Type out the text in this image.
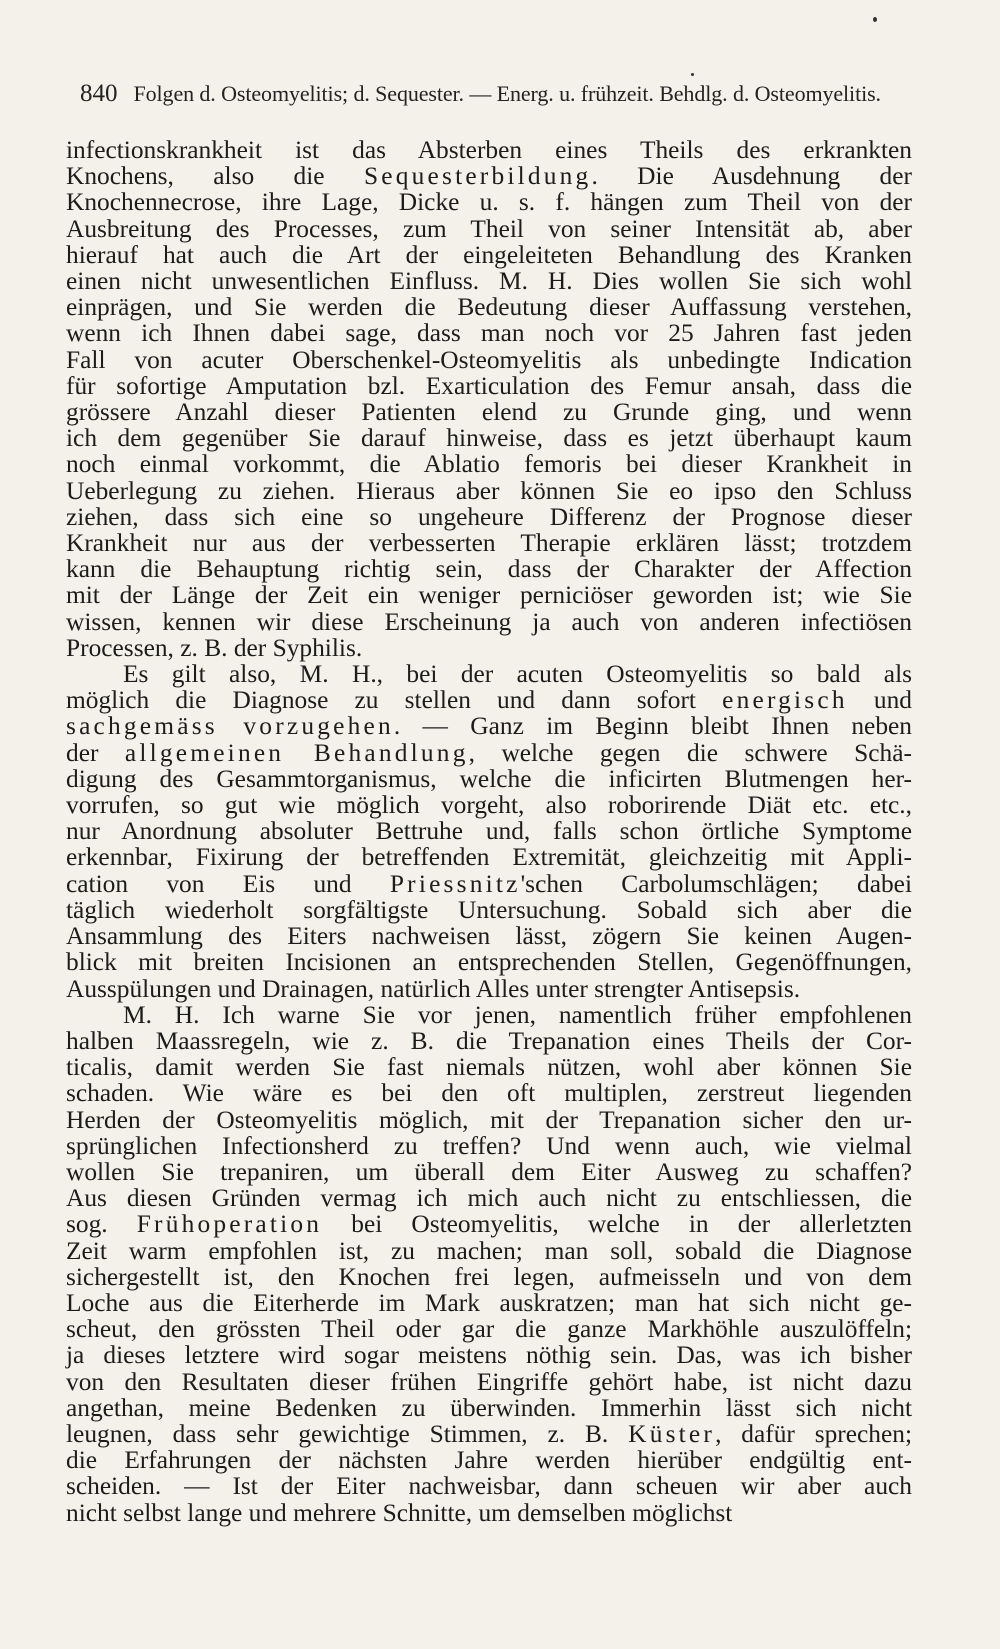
840 Folgen d. Osteomyelitis; d. Sequester. — Energ. u. frühzeit. Behdlg. d. Osteomyelitis.
infectionskrankheit ist das Absterben eines Theils des erkrankten
Knochens, also die Sequesterbildung. Die Ausdehnung der
Knochennecrose, ihre Lage, Dicke u. s. f. hängen zum Theil von der
Ausbreitung des Processes, zum Theil von seiner Intensität ab, aber
hierauf hat auch die Art der eingeleiteten Behandlung des Kranken
einen nicht unwesentlichen Einfluss. M. H. Dies wollen Sie sich wohl
einprägen, und Sie werden die Bedeutung dieser Auffassung verstehen,
wenn ich Ihnen dabei sage, dass man noch vor 25 Jahren fast jeden
Fall von acuter Oberschenkel-Osteomyelitis als unbedingte Indication
für sofortige Amputation bzl. Exarticulation des Femur ansah, dass die
grössere Anzahl dieser Patienten elend zu Grunde ging, und wenn
ich dem gegenüber Sie darauf hinweise, dass es jetzt überhaupt kaum
noch einmal vorkommt, die Ablatio femoris bei dieser Krankheit in
Ueberlegung zu ziehen. Hieraus aber können Sie eo ipso den Schluss
ziehen, dass sich eine so ungeheure Differenz der Prognose dieser
Krankheit nur aus der verbesserten Therapie erklären lässt; trotzdem
kann die Behauptung richtig sein, dass der Charakter der Affection
mit der Länge der Zeit ein weniger perniciöser geworden ist; wie Sie
wissen, kennen wir diese Erscheinung ja auch von anderen infectiösen
Processen, z. B. der Syphilis.
Es gilt also, M. H., bei der acuten Osteomyelitis so bald als
möglich die Diagnose zu stellen und dann sofort energisch und
sachgemäss vorzugehen. — Ganz im Beginn bleibt Ihnen neben
der allgemeinen Behandlung, welche gegen die schwere Schä-
digung des Gesammtorganismus, welche die inficirten Blutmengen her-
vorrufen, so gut wie möglich vorgeht, also roborirende Diät etc. etc.,
nur Anordnung absoluter Bettruhe und, falls schon örtliche Symptome
erkennbar, Fixirung der betreffenden Extremität, gleichzeitig mit Appli-
cation von Eis und Priessnitz'schen Carbolumschlägen; dabei
täglich wiederholt sorgfältigste Untersuchung. Sobald sich aber die
Ansammlung des Eiters nachweisen lässt, zögern Sie keinen Augen-
blick mit breiten Incisionen an entsprechenden Stellen, Gegenöffnungen,
Ausspülungen und Drainagen, natürlich Alles unter strengter Antisepsis.
M. H. Ich warne Sie vor jenen, namentlich früher empfohlenen
halben Maassregeln, wie z. B. die Trepanation eines Theils der Cor-
ticalis, damit werden Sie fast niemals nützen, wohl aber können Sie
schaden. Wie wäre es bei den oft multiplen, zerstreut liegenden
Herden der Osteomyelitis möglich, mit der Trepanation sicher den ur-
sprünglichen Infectionsherd zu treffen? Und wenn auch, wie vielmal
wollen Sie trepaniren, um überall dem Eiter Ausweg zu schaffen?
Aus diesen Gründen vermag ich mich auch nicht zu entschliessen, die
sog. Frühoperation bei Osteomyelitis, welche in der allerletzten
Zeit warm empfohlen ist, zu machen; man soll, sobald die Diagnose
sichergestellt ist, den Knochen frei legen, aufmeisseln und von dem
Loche aus die Eiterherde im Mark auskratzen; man hat sich nicht ge-
scheut, den grössten Theil oder gar die ganze Markhöhle auszulöffeln;
ja dieses letztere wird sogar meistens nöthig sein. Das, was ich bisher
von den Resultaten dieser frühen Eingriffe gehört habe, ist nicht dazu
angethan, meine Bedenken zu überwinden. Immerhin lässt sich nicht
leugnen, dass sehr gewichtige Stimmen, z. B. Küster, dafür sprechen;
die Erfahrungen der nächsten Jahre werden hierüber endgültig ent-
scheiden. — Ist der Eiter nachweisbar, dann scheuen wir aber auch
nicht selbst lange und mehrere Schnitte, um demselben möglichst
